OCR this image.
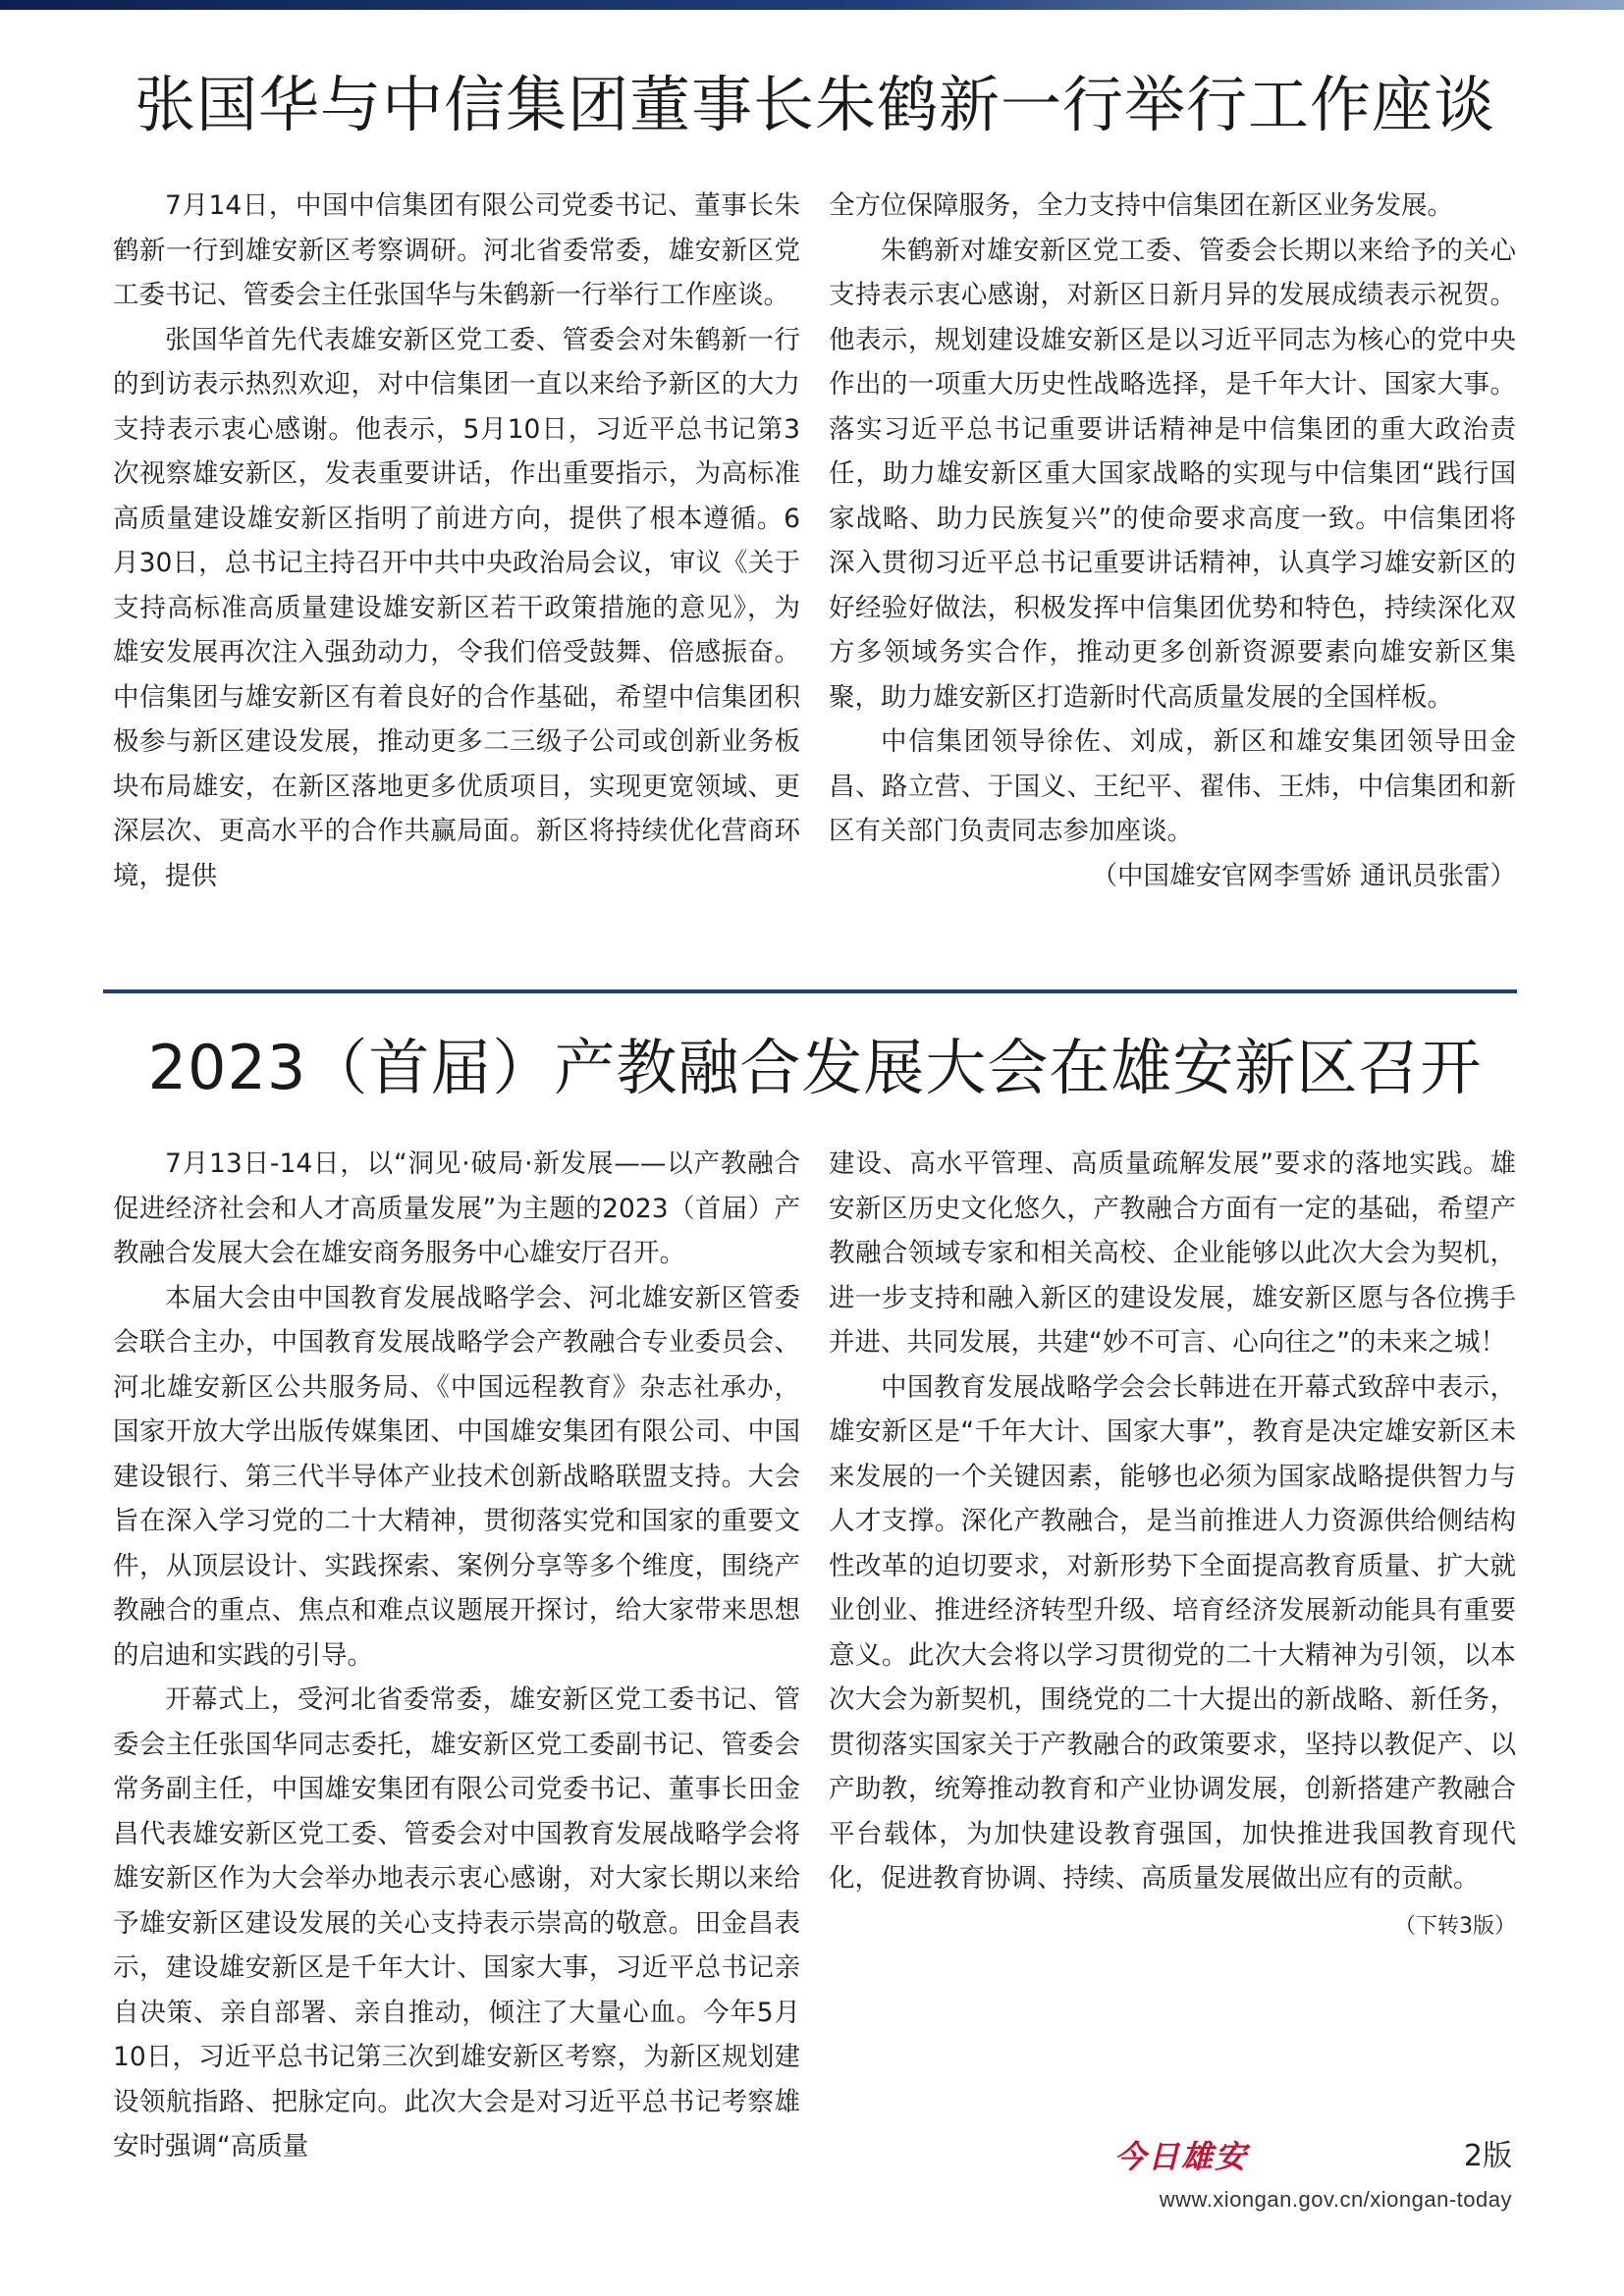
张国华与中信集团董事长朱鹤新一行举行工作座谈

7月14日，中国中信集团有限公司党委书记、董事长朱鹤新一行到雄安新区考察调研。河北省委常委，雄安新区党工委书记、管委会主任张国华与朱鹤新一行举行工作座谈。

张国华首先代表雄安新区党工委、管委会对朱鹤新一行的到访表示热烈欢迎，对中信集团一直以来给予新区的大力支持表示衷心感谢。他表示，5月10日，习近平总书记第3次视察雄安新区，发表重要讲话，作出重要指示，为高标准高质量建设雄安新区指明了前进方向，提供了根本遵循。6月30日，总书记主持召开中共中央政治局会议，审议《关于支持高标准高质量建设雄安新区若干政策措施的意见》，为雄安发展再次注入强劲动力，令我们倍受鼓舞、倍感振奋。中信集团与雄安新区有着良好的合作基础，希望中信集团积极参与新区建设发展，推动更多二三级子公司或创新业务板块布局雄安，在新区落地更多优质项目，实现更宽领域、更深层次、更高水平的合作共赢局面。新区将持续优化营商环境，提供

全方位保障服务，全力支持中信集团在新区业务发展。

朱鹤新对雄安新区党工委、管委会长期以来给予的关心支持表示衷心感谢，对新区日新月异的发展成绩表示祝贺。他表示，规划建设雄安新区是以习近平同志为核心的党中央作出的一项重大历史性战略选择，是千年大计、国家大事。落实习近平总书记重要讲话精神是中信集团的重大政治责任，助力雄安新区重大国家战略的实现与中信集团“践行国家战略、助力民族复兴”的使命要求高度一致。中信集团将深入贯彻习近平总书记重要讲话精神，认真学习雄安新区的好经验好做法，积极发挥中信集团优势和特色，持续深化双方多领域务实合作，推动更多创新资源要素向雄安新区集聚，助力雄安新区打造新时代高质量发展的全国样板。

中信集团领导徐佐、刘成，新区和雄安集团领导田金昌、路立营、于国义、王纪平、翟伟、王炜，中信集团和新区有关部门负责同志参加座谈。

（中国雄安官网李雪娇 通讯员张雷）

2023（首届）产教融合发展大会在雄安新区召开

7月13日-14日，以“洞见·破局·新发展——以产教融合促进经济社会和人才高质量发展”为主题的2023（首届）产教融合发展大会在雄安商务服务中心雄安厅召开。

本届大会由中国教育发展战略学会、河北雄安新区管委会联合主办，中国教育发展战略学会产教融合专业委员会、河北雄安新区公共服务局、《中国远程教育》杂志社承办，国家开放大学出版传媒集团、中国雄安集团有限公司、中国建设银行、第三代半导体产业技术创新战略联盟支持。大会旨在深入学习党的二十大精神，贯彻落实党和国家的重要文件，从顶层设计、实践探索、案例分享等多个维度，围绕产教融合的重点、焦点和难点议题展开探讨，给大家带来思想的启迪和实践的引导。

开幕式上，受河北省委常委，雄安新区党工委书记、管委会主任张国华同志委托，雄安新区党工委副书记、管委会常务副主任，中国雄安集团有限公司党委书记、董事长田金昌代表雄安新区党工委、管委会对中国教育发展战略学会将雄安新区作为大会举办地表示衷心感谢，对大家长期以来给予雄安新区建设发展的关心支持表示崇高的敬意。田金昌表示，建设雄安新区是千年大计、国家大事，习近平总书记亲自决策、亲自部署、亲自推动，倾注了大量心血。今年5月10日，习近平总书记第三次到雄安新区考察，为新区规划建设领航指路、把脉定向。此次大会是对习近平总书记考察雄安时强调“高质量

建设、高水平管理、高质量疏解发展”要求的落地实践。雄安新区历史文化悠久，产教融合方面有一定的基础，希望产教融合领域专家和相关高校、企业能够以此次大会为契机，进一步支持和融入新区的建设发展，雄安新区愿与各位携手并进、共同发展，共建“妙不可言、心向往之”的未来之城！

中国教育发展战略学会会长韩进在开幕式致辞中表示，雄安新区是“千年大计、国家大事”，教育是决定雄安新区未来发展的一个关键因素，能够也必须为国家战略提供智力与人才支撑。深化产教融合，是当前推进人力资源供给侧结构性改革的迫切要求，对新形势下全面提高教育质量、扩大就业创业、推进经济转型升级、培育经济发展新动能具有重要意义。此次大会将以学习贯彻党的二十大精神为引领，以本次大会为新契机，围绕党的二十大提出的新战略、新任务，贯彻落实国家关于产教融合的政策要求，坚持以教促产、以产助教，统筹推动教育和产业协调发展，创新搭建产教融合平台载体，为加快建设教育强国，加快推进我国教育现代化，促进教育协调、持续、高质量发展做出应有的贡献。

（下转3版）
今日雄安	2版
www.xiongan.gov.cn/xiongan-today
